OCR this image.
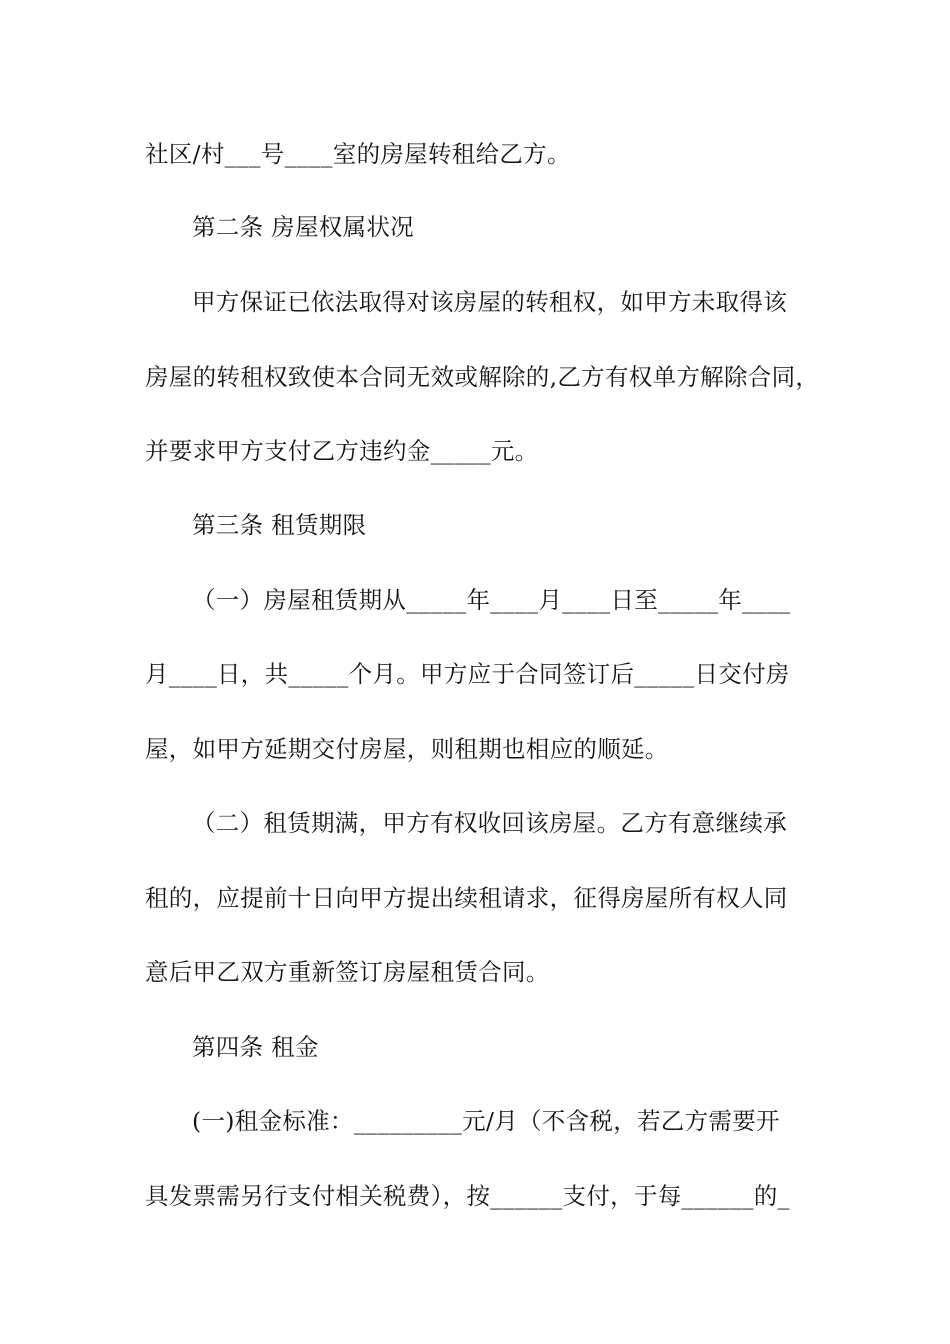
社区/村___号____室的房屋转租给乙方。
第二条 房屋权属状况
甲方保证已依法取得对该房屋的转租权，如甲方未取得该
房屋的转租权致使本合同无效或解除的,乙方有权单方解除合同，
并要求甲方支付乙方违约金_____元。
第三条 租赁期限
（一）房屋租赁期从_____年____月____日至_____年____
月____日，共_____个月。甲方应于合同签订后_____日交付房
屋，如甲方延期交付房屋，则租期也相应的顺延。
（二）租赁期满，甲方有权收回该房屋。乙方有意继续承
租的，应提前十日向甲方提出续租请求，征得房屋所有权人同
意后甲乙双方重新签订房屋租赁合同。
第四条 租金
(一)租金标准：_________元/月（不含税，若乙方需要开
具发票需另行支付相关税费），按______支付，于每______的_
